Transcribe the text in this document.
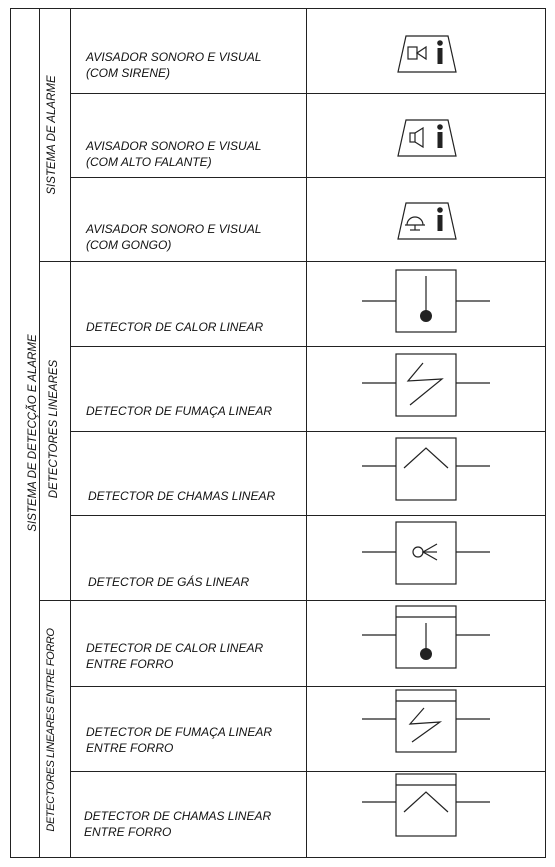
SISTEMA DE DETECÇÃO E ALARME
SISTEMA DE ALARME
DETECTORES LINEARES
DETECTORES LINEARES ENTRE FORRO
AVISADOR SONORO E VISUAL
(COM SIRENE)
AVISADOR SONORO E VISUAL
(COM ALTO FALANTE)
AVISADOR SONORO E VISUAL
(COM GONGO)
DETECTOR DE CALOR LINEAR
DETECTOR DE FUMAÇA LINEAR
DETECTOR DE CHAMAS LINEAR
DETECTOR DE GÁS LINEAR
DETECTOR DE CALOR LINEAR
ENTRE FORRO
DETECTOR DE FUMAÇA LINEAR
ENTRE FORRO
DETECTOR DE CHAMAS LINEAR
ENTRE FORRO
